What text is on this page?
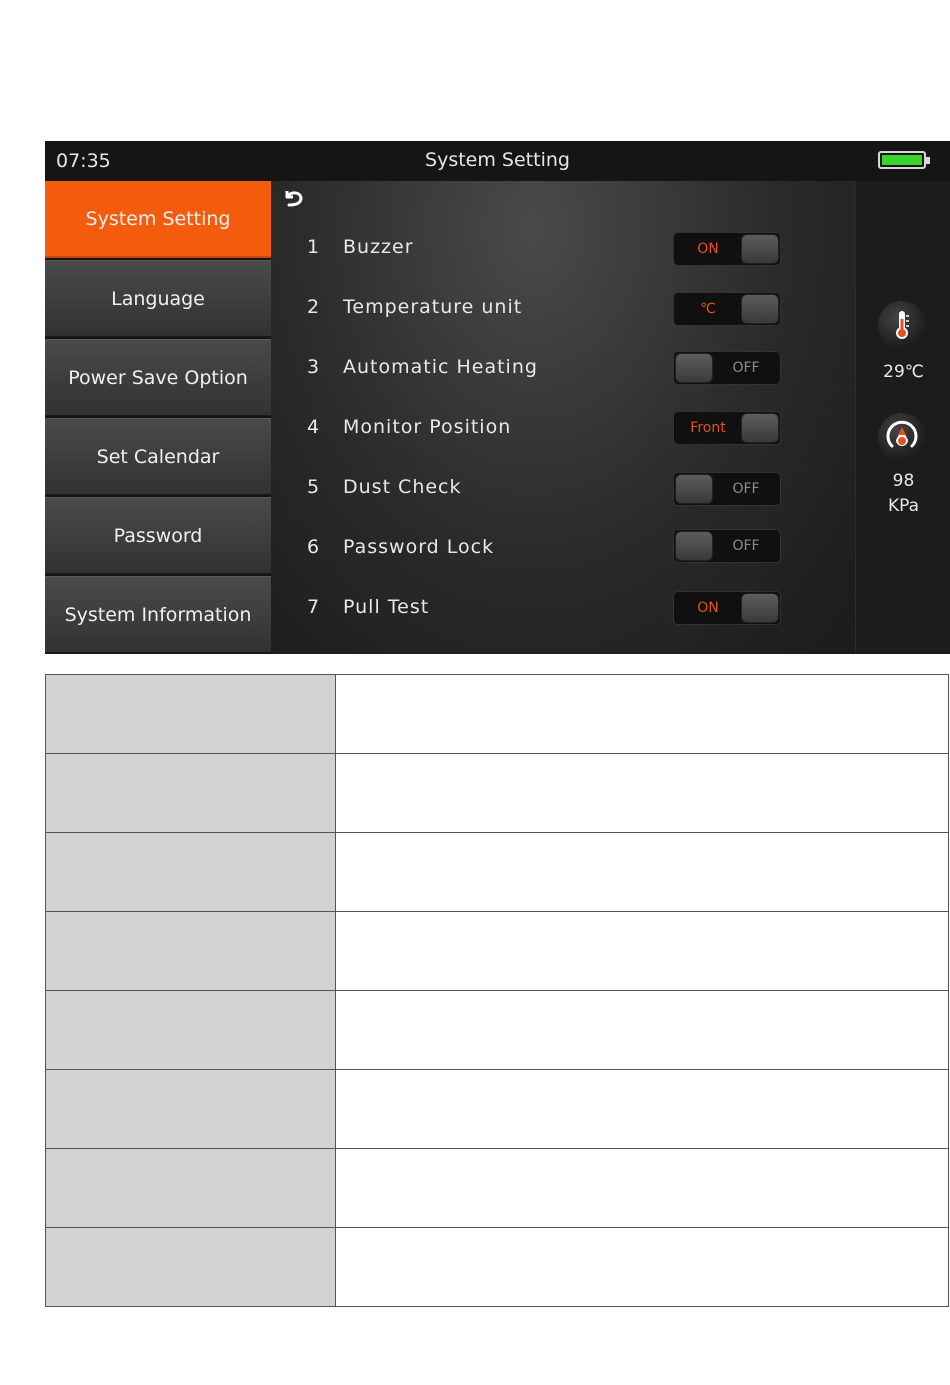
07:35	System Setting
System Setting
Language
Power Save Option
Set Calendar
Password
System Information
1 Buzzer	ON
2 Temperature unit	℃
3 Automatic Heating	OFF
4 Monitor Position	Front
5 Dust Check	OFF
6 Password Lock	OFF
7 Pull Test	ON
29℃
98
KPa
